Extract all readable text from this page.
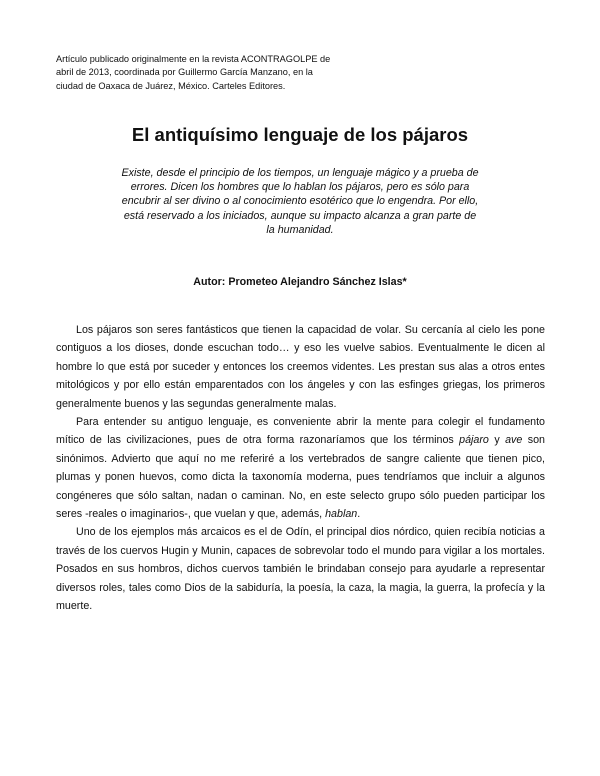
Artículo publicado originalmente en la revista ACONTRAGOLPE de
abril de 2013, coordinada por Guillermo García Manzano, en la
ciudad de Oaxaca de Juárez, México. Carteles Editores.
El antiquísimo lenguaje de los pájaros
Existe, desde el principio de los tiempos, un lenguaje mágico y a prueba de
errores. Dicen los hombres que lo hablan los pájaros, pero es sólo para
encubrir al ser divino o al conocimiento esotérico que lo engendra. Por ello,
está reservado a los iniciados, aunque su impacto alcanza a gran parte de
la humanidad.
Autor: Prometeo Alejandro Sánchez Islas*

Los pájaros son seres fantásticos que tienen la capacidad de volar. Su cercanía al cielo les pone contiguos a los dioses, donde escuchan todo… y eso les vuelve sabios. Eventualmente le dicen al hombre lo que está por suceder y entonces los creemos videntes. Les prestan sus alas a otros entes mitológicos y por ello están emparentados con los ángeles y con las esfinges griegas, los primeros generalmente buenos y las segundas generalmente malas.

Para entender su antiguo lenguaje, es conveniente abrir la mente para colegir el fundamento mítico de las civilizaciones, pues de otra forma razonaríamos que los términos pájaro y ave son sinónimos. Advierto que aquí no me referiré a los vertebrados de sangre caliente que tienen pico, plumas y ponen huevos, como dicta la taxonomía moderna, pues tendríamos que incluir a algunos congéneres que sólo saltan, nadan o caminan. No, en este selecto grupo sólo pueden participar los seres -reales o imaginarios-, que vuelan y que, además, hablan.

Uno de los ejemplos más arcaicos es el de Odín, el principal dios nórdico, quien recibía noticias a través de los cuervos Hugin y Munin, capaces de sobrevolar todo el mundo para vigilar a los mortales. Posados en sus hombros, dichos cuervos también le brindaban consejo para ayudarle a representar diversos roles, tales como Dios de la sabiduría, la poesía, la caza, la magia, la guerra, la profecía y la muerte.
